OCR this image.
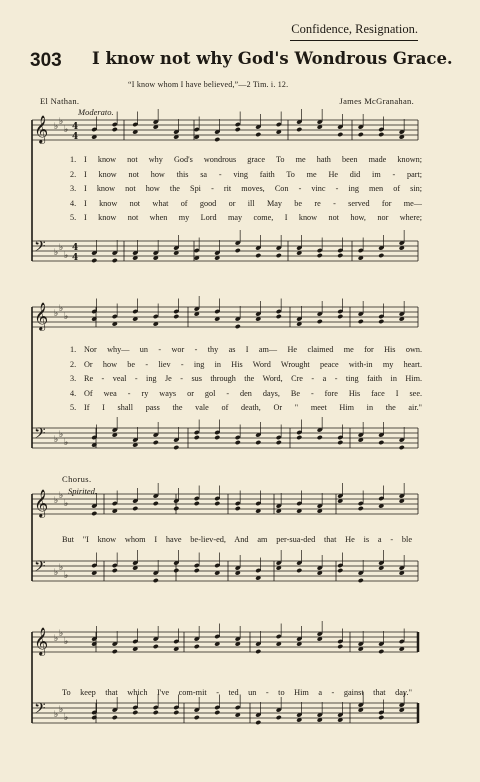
Confidence, Resignation.
303 I know not why God's Wondrous Grace.
“I know whom I have believed,”—2 Tim. i. 12.
El Nathan.	James McGranahan.
Moderato.
𝄞 ♭ ♭
♭ 4
4
𝄢 ♭ ♭
♭
4
4
𝄞 ♭ ♭
♭
𝄢 ♭ ♭
♭
𝄞 ♭ ♭
♭
𝄢 ♭ ♭
♭
𝄞 ♭ ♭
♭
𝄢 ♭ ♭
♭
1. I know not why God's wondrous grace To me hath been made known;
2. I know not how this sa - ving faith To me He did im - part;
3. I know not how the Spi - rit moves, Con - vinc - ing men of sin;
4. I know not what of good or ill May be re - served for me—
5. I know not when my Lord may come, I know not how, nor where;
1. Nor why— un - wor - thy as I am— He claimed me for His own.
2. Or how be - liev - ing in His Word Wrought peace with-in my heart.
3. Re - veal - ing Je - sus through the Word, Cre - a - ting faith in Him.
4. Of wea - ry ways or gol - den days, Be - fore His face I see.
5. If I shall pass the vale of death, Or " meet Him in the air."
Chorus.
Spirited.
But "I know whom I have be-liev-ed, And am per-sua-ded that He is a - ble
To keep that which I've com-mit - ted un - to Him a - gainst that day."
